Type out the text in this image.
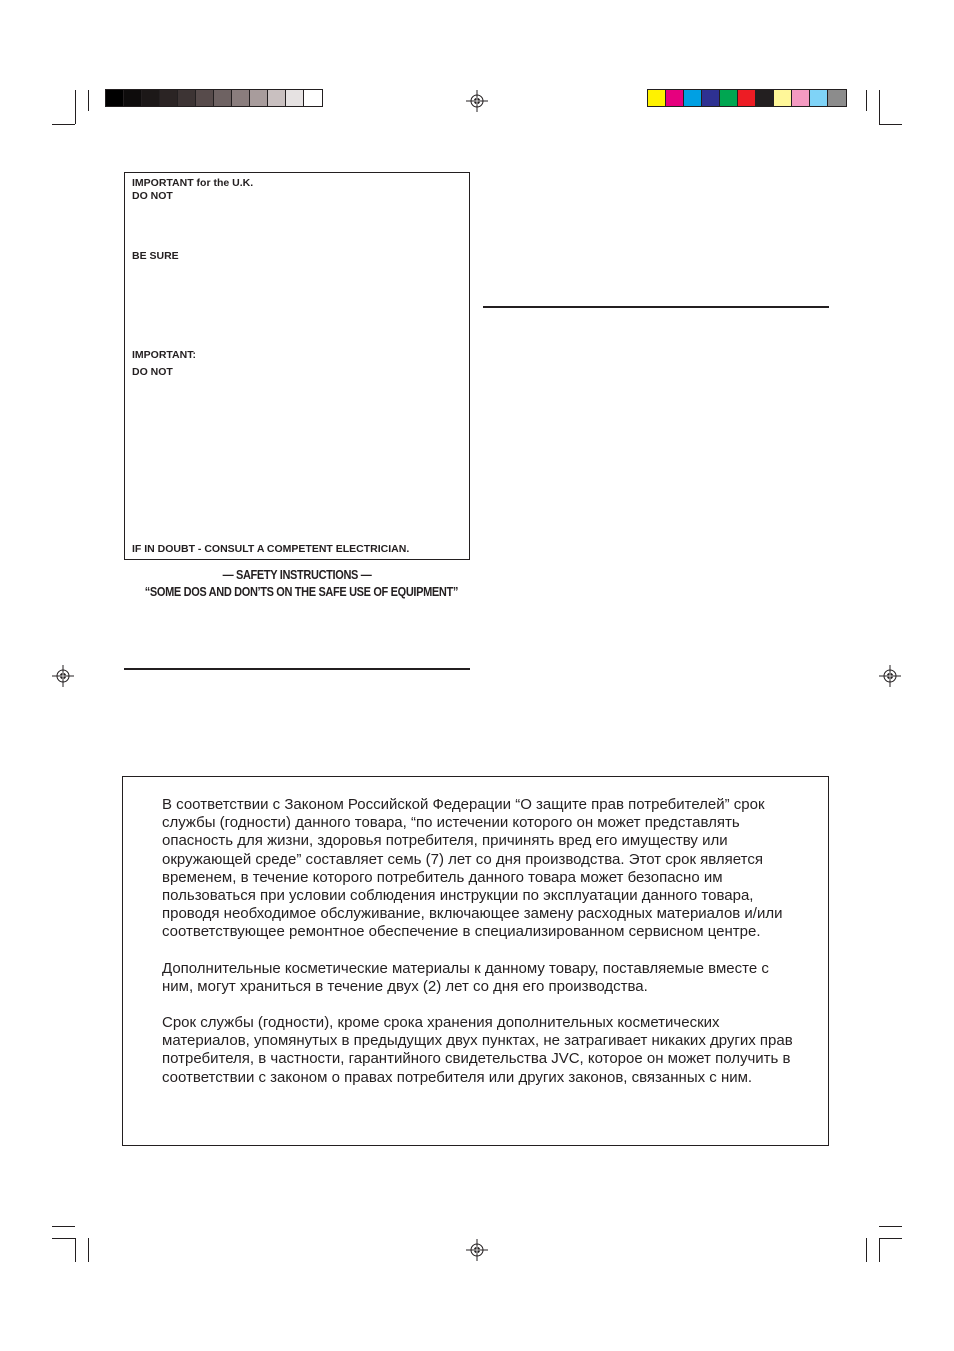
IMPORTANT for the U.K.
DO NOT
BE SURE
IMPORTANT:
DO NOT
IF IN DOUBT - CONSULT A COMPETENT ELECTRICIAN.
— SAFETY INSTRUCTIONS —
“SOME DOS AND DON’TS ON THE SAFE USE OF EQUIPMENT”

В соответствии с Законом Российской Федерации “О защите прав потребителей” срок службы (годности) данного товара, “по истечении которого он может представлять опасность для жизни, здоровья потребителя, причинять вред его имуществу или окружающей среде” составляет семь (7) лет со дня производства. Этот срок является временем, в течение которого потребитель данного товара может безопасно им пользоваться при условии соблюдения инструкции по эксплуатации данного товара, проводя необходимое обслуживание, включающее замену расходных материалов и/или соответствующее ремонтное обеспечение в специализированном сервисном центре.

Дополнительные косметические материалы к данному товару, поставляемые вместе с ним, могут храниться в течение двух (2) лет со дня его производства.

Срок службы (годности), кроме срока хранения дополнительных косметических материалов, упомянутых в предыдущих двух пунктах, не затрагивает никаких других прав потребителя, в частности, гарантийного свидетельства JVC, которое он может получить в соответствии с законом о правах потребителя или других законов, связанных с ним.
